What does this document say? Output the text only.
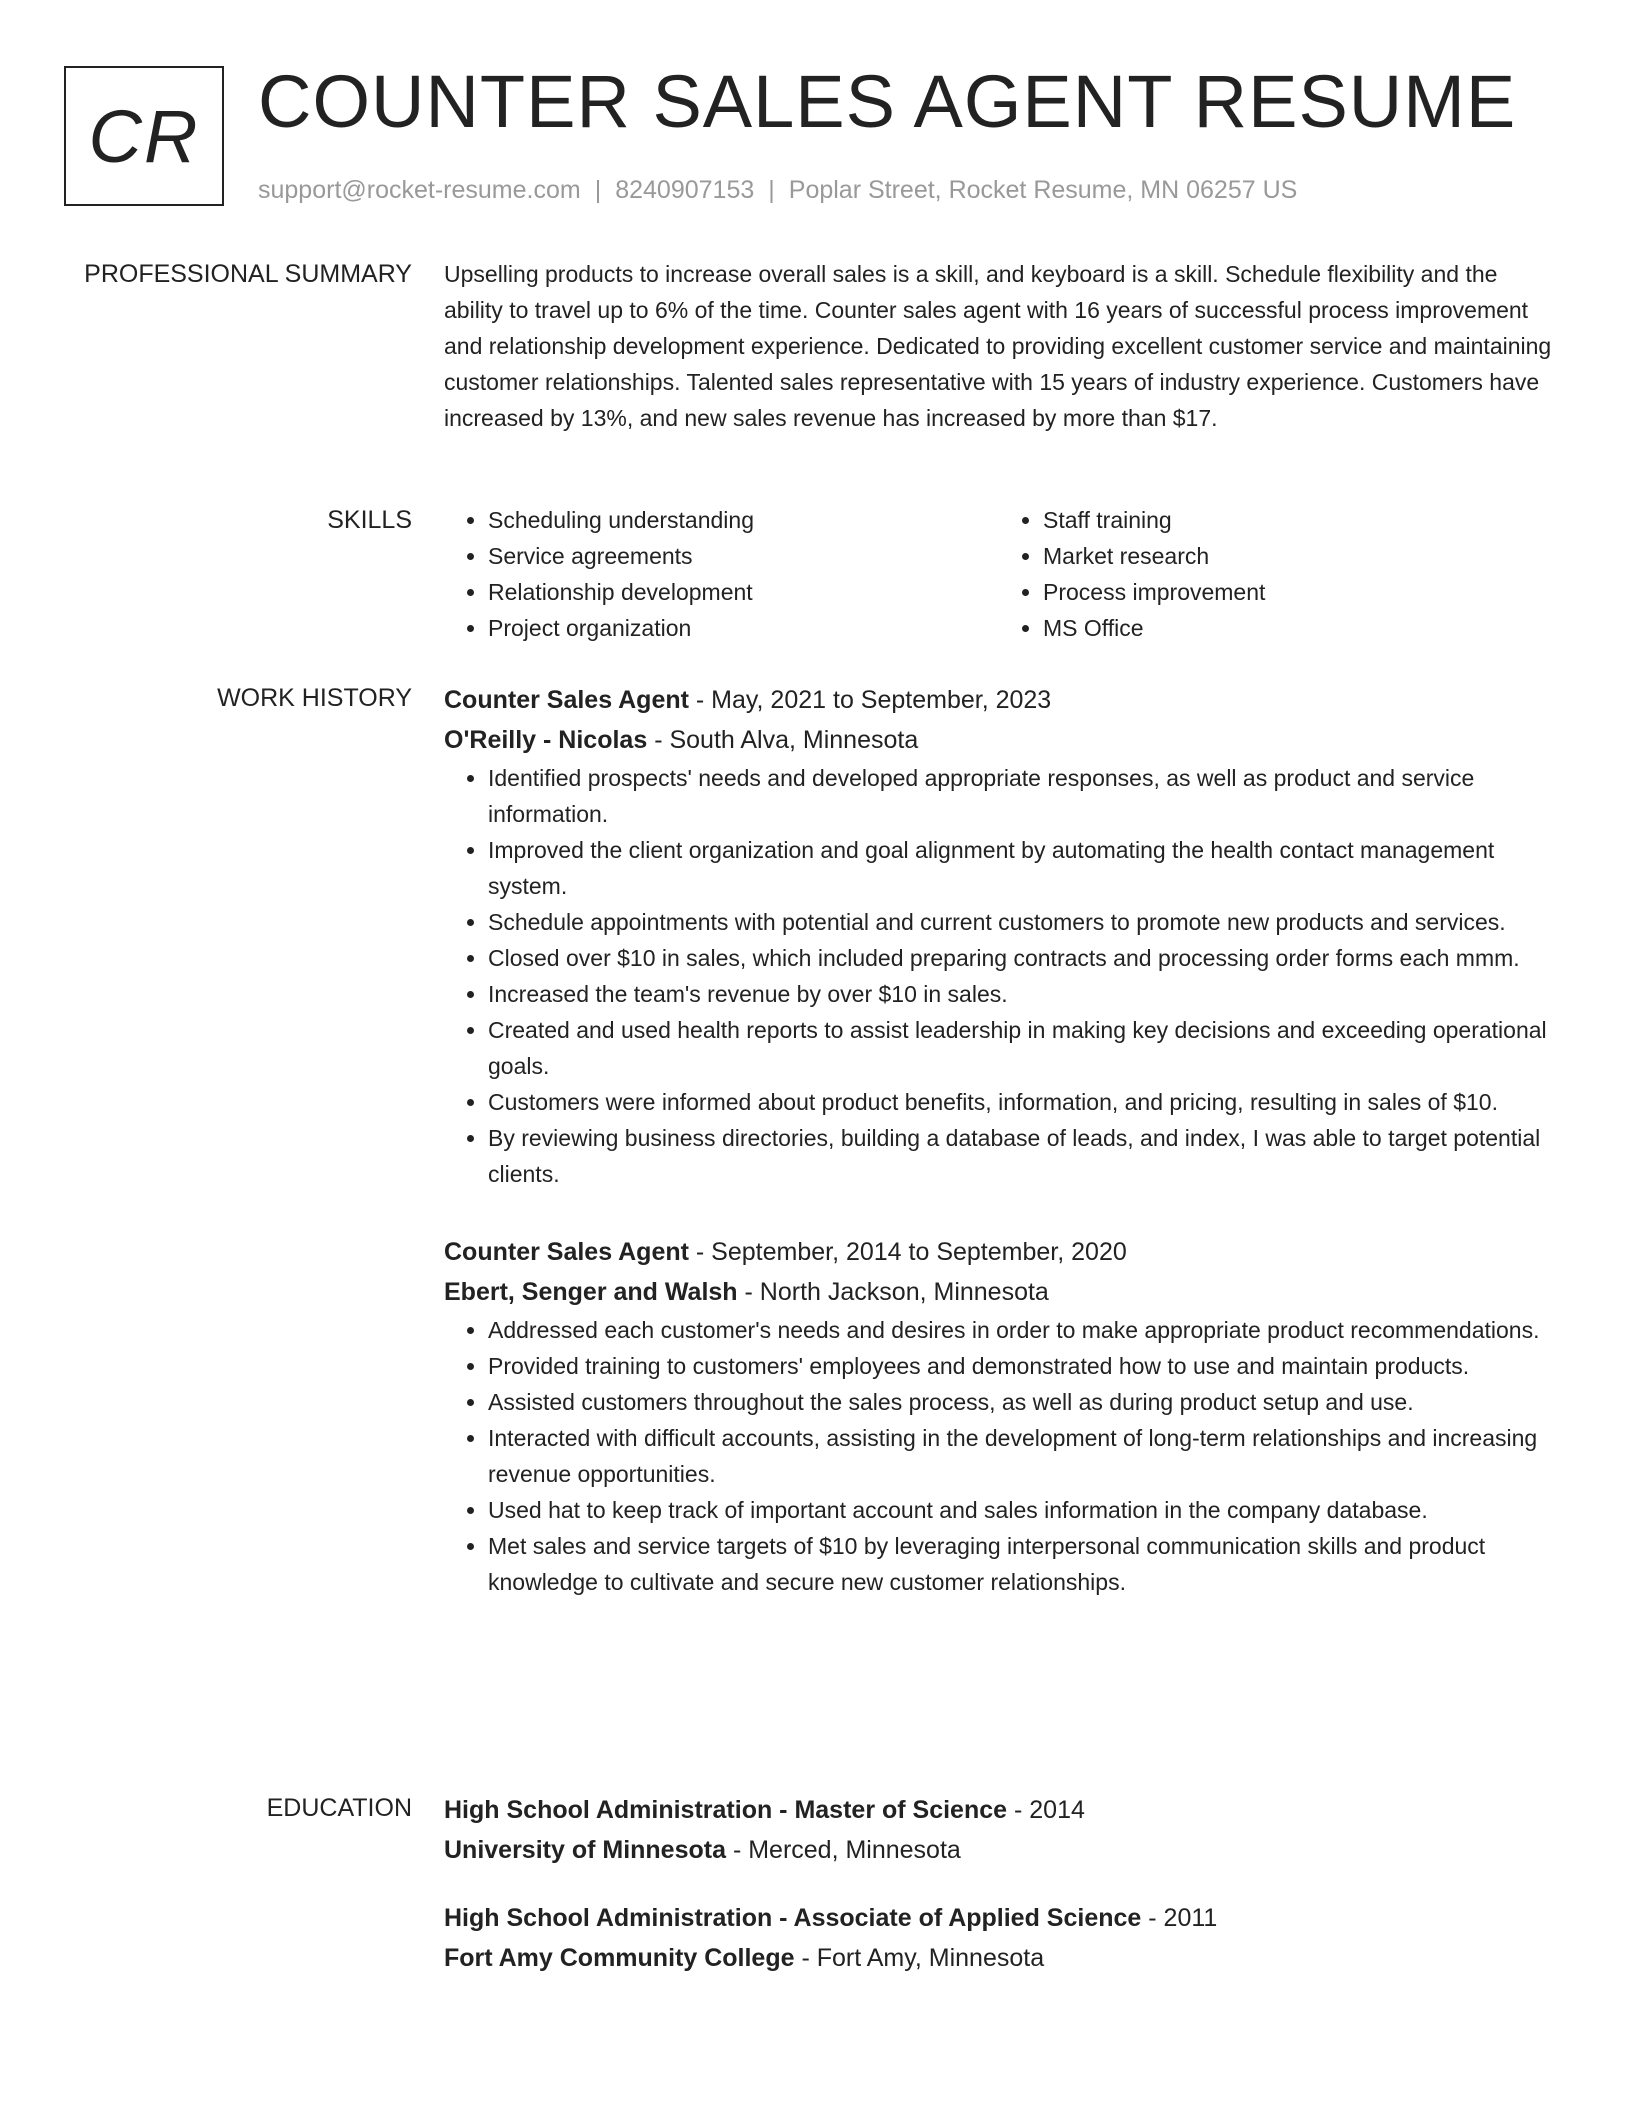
CR COUNTER SALES AGENT RESUME
support@rocket-resume.com | 8240907153 | Poplar Street, Rocket Resume, MN 06257 US
PROFESSIONAL SUMMARY Upselling products to increase overall sales is a skill, and keyboard is a skill. Schedule flexibility and the ability to travel up to 6% of the time. Counter sales agent with 16 years of successful process improvement and relationship development experience. Dedicated to providing excellent customer service and maintaining customer relationships. Talented sales representative with 15 years of industry experience. Customers have increased by 13%, and new sales revenue has increased by more than $17.

SKILLS
•	Scheduling understanding
• Service agreements
• Relationship development
• Project organization
• Staff training
• Market research
• Process improvement
• MS Office
WORK HISTORY Counter Sales Agent - May, 2021 to September, 2023
O'Reilly - Nicolas - South Alva, Minnesota
• Identified prospects' needs and developed appropriate responses, as well as product and service information.
• Improved the client organization and goal alignment by automating the health contact management system.
• Schedule appointments with potential and current customers to promote new products and services.
• Closed over $10 in sales, which included preparing contracts and processing order forms each mmm.
• Increased the team's revenue by over $10 in sales.
• Created and used health reports to assist leadership in making key decisions and exceeding operational goals.
• Customers were informed about product benefits, information, and pricing, resulting in sales of $10.
• By reviewing business directories, building a database of leads, and index, I was able to target potential clients.
Counter Sales Agent - September, 2014 to September, 2020
Ebert, Senger and Walsh - North Jackson, Minnesota
• Addressed each customer's needs and desires in order to make appropriate product recommendations.
• Provided training to customers' employees and demonstrated how to use and maintain products.
• Assisted customers throughout the sales process, as well as during product setup and use.
• Interacted with difficult accounts, assisting in the development of long-term relationships and increasing revenue opportunities.
• Used hat to keep track of important account and sales information in the company database.
• Met sales and service targets of $10 by leveraging interpersonal communication skills and product knowledge to cultivate and secure new customer relationships.
EDUCATION High School Administration - Master of Science - 2014
University of Minnesota - Merced, Minnesota
High School Administration - Associate of Applied Science - 2011
Fort Amy Community College - Fort Amy, Minnesota
